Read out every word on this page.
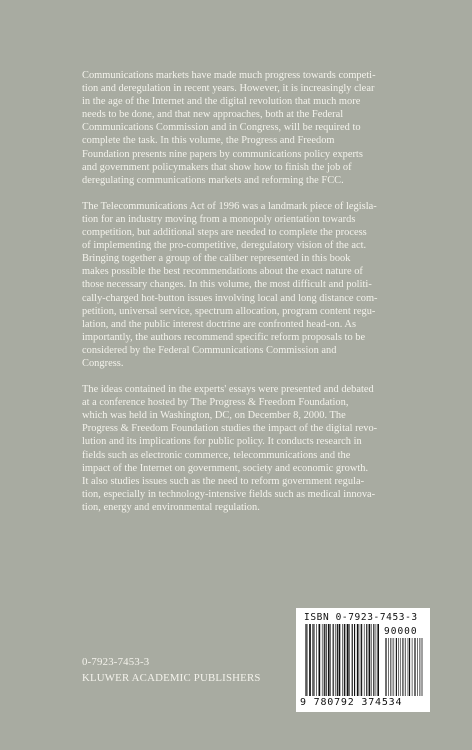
Communications markets have made much progress towards competi-
tion and deregulation in recent years. However, it is increasingly clear
in the age of the Internet and the digital revolution that much more
needs to be done, and that new approaches, both at the Federal
Communications Commission and in Congress, will be required to
complete the task. In this volume, the Progress and Freedom
Foundation presents nine papers by communications policy experts
and government policymakers that show how to finish the job of
deregulating communications markets and reforming the FCC.

The Telecommunications Act of 1996 was a landmark piece of legisla-
tion for an industry moving from a monopoly orientation towards
competition, but additional steps are needed to complete the process
of implementing the pro-competitive, deregulatory vision of the act.
Bringing together a group of the caliber represented in this book
makes possible the best recommendations about the exact nature of
those necessary changes. In this volume, the most difficult and politi-
cally-charged hot-button issues involving local and long distance com-
petition, universal service, spectrum allocation, program content regu-
lation, and the public interest doctrine are confronted head-on. As
importantly, the authors recommend specific reform proposals to be
considered by the Federal Communications Commission and
Congress.

The ideas contained in the experts' essays were presented and debated
at a conference hosted by The Progress & Freedom Foundation,
which was held in Washington, DC, on December 8, 2000. The
Progress & Freedom Foundation studies the impact of the digital revo-
lution and its implications for public policy. It conducts research in
fields such as electronic commerce, telecommunications and the
impact of the Internet on government, society and economic growth.
It also studies issues such as the need to reform government regula-
tion, especially in technology-intensive fields such as medical innova-
tion, energy and environmental regulation.

ISBN 0-7923-7453-3
90000
9 780792 374534
0-7923-7453-3
KLUWER ACADEMIC PUBLISHERS
